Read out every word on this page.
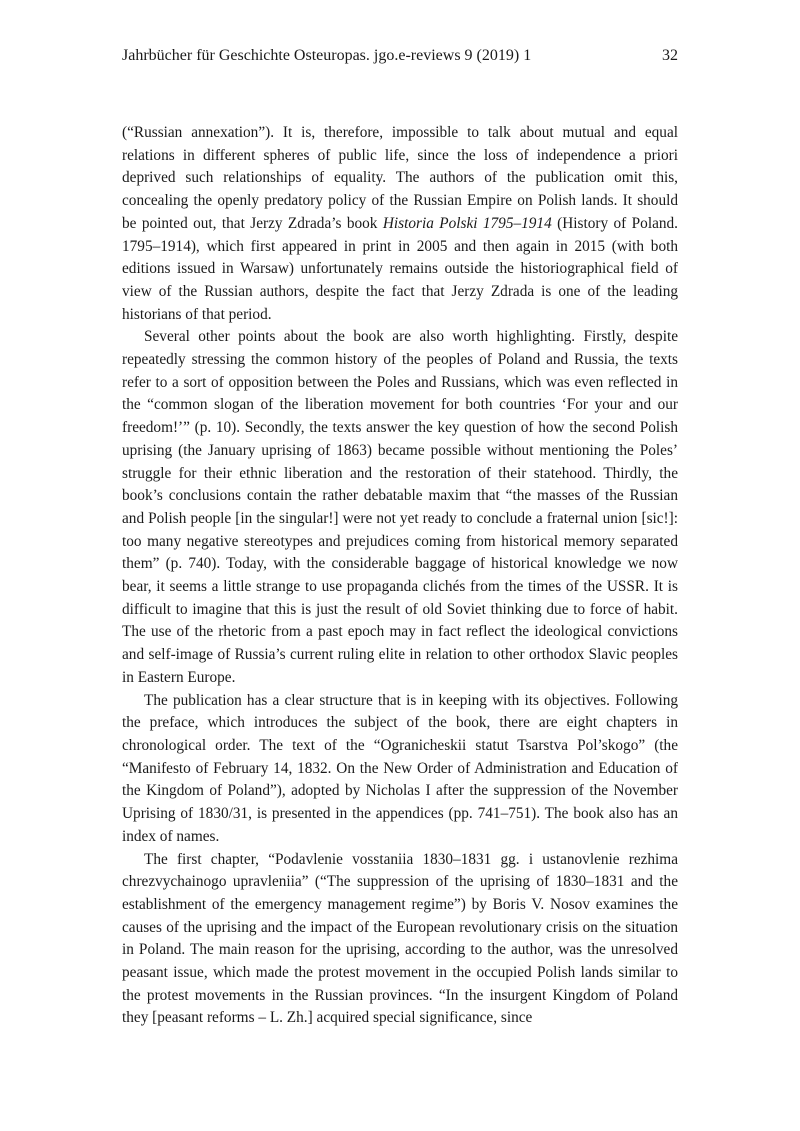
Jahrbücher für Geschichte Osteuropas. jgo.e-reviews 9 (2019) 1	32

(“Russian annexation”). It is, therefore, impossible to talk about mutual and equal relations in different spheres of public life, since the loss of independence a priori deprived such relationships of equality. The authors of the publication omit this, concealing the openly predatory policy of the Russian Empire on Polish lands. It should be pointed out, that Jerzy Zdrada’s book Historia Polski 1795–1914 (History of Poland. 1795–1914), which first appeared in print in 2005 and then again in 2015 (with both editions issued in Warsaw) unfortunately remains outside the historiographical field of view of the Russian authors, despite the fact that Jerzy Zdrada is one of the leading historians of that period.

Several other points about the book are also worth highlighting. Firstly, despite repeatedly stressing the common history of the peoples of Poland and Russia, the texts refer to a sort of opposition between the Poles and Russians, which was even reflected in the “common slogan of the liberation movement for both countries ‘For your and our freedom!’” (p. 10). Secondly, the texts answer the key question of how the second Polish uprising (the January uprising of 1863) became possible without mentioning the Poles’ struggle for their ethnic liberation and the restoration of their statehood. Thirdly, the book’s conclusions contain the rather debatable maxim that “the masses of the Russian and Polish people [in the singular!] were not yet ready to conclude a fraternal union [sic!]: too many negative stereotypes and prejudices coming from historical memory separated them” (p. 740). Today, with the considerable baggage of historical knowledge we now bear, it seems a little strange to use propaganda clichés from the times of the USSR. It is difficult to imagine that this is just the result of old Soviet thinking due to force of habit. The use of the rhetoric from a past epoch may in fact reflect the ideological convictions and self-image of Russia’s current ruling elite in relation to other orthodox Slavic peoples in Eastern Europe.

The publication has a clear structure that is in keeping with its objectives. Following the preface, which introduces the subject of the book, there are eight chapters in chronological order. The text of the “Ogranicheskii statut Tsarstva Pol’skogo” (the “Manifesto of February 14, 1832. On the New Order of Administration and Education of the Kingdom of Poland”), adopted by Nicholas I after the suppression of the November Uprising of 1830/31, is presented in the appendices (pp. 741–751). The book also has an index of names.

The first chapter, “Podavlenie vosstaniia 1830–1831 gg. i ustanovlenie rezhima chrezvychainogo upravleniia” (“The suppression of the uprising of 1830–1831 and the establishment of the emergency management regime”) by Boris V. Nosov examines the causes of the uprising and the impact of the European revolutionary crisis on the situation in Poland. The main reason for the uprising, according to the author, was the unresolved peasant issue, which made the protest movement in the occupied Polish lands similar to the protest movements in the Russian provinces. “In the insurgent Kingdom of Poland they [peasant reforms – L. Zh.] acquired special significance, since
